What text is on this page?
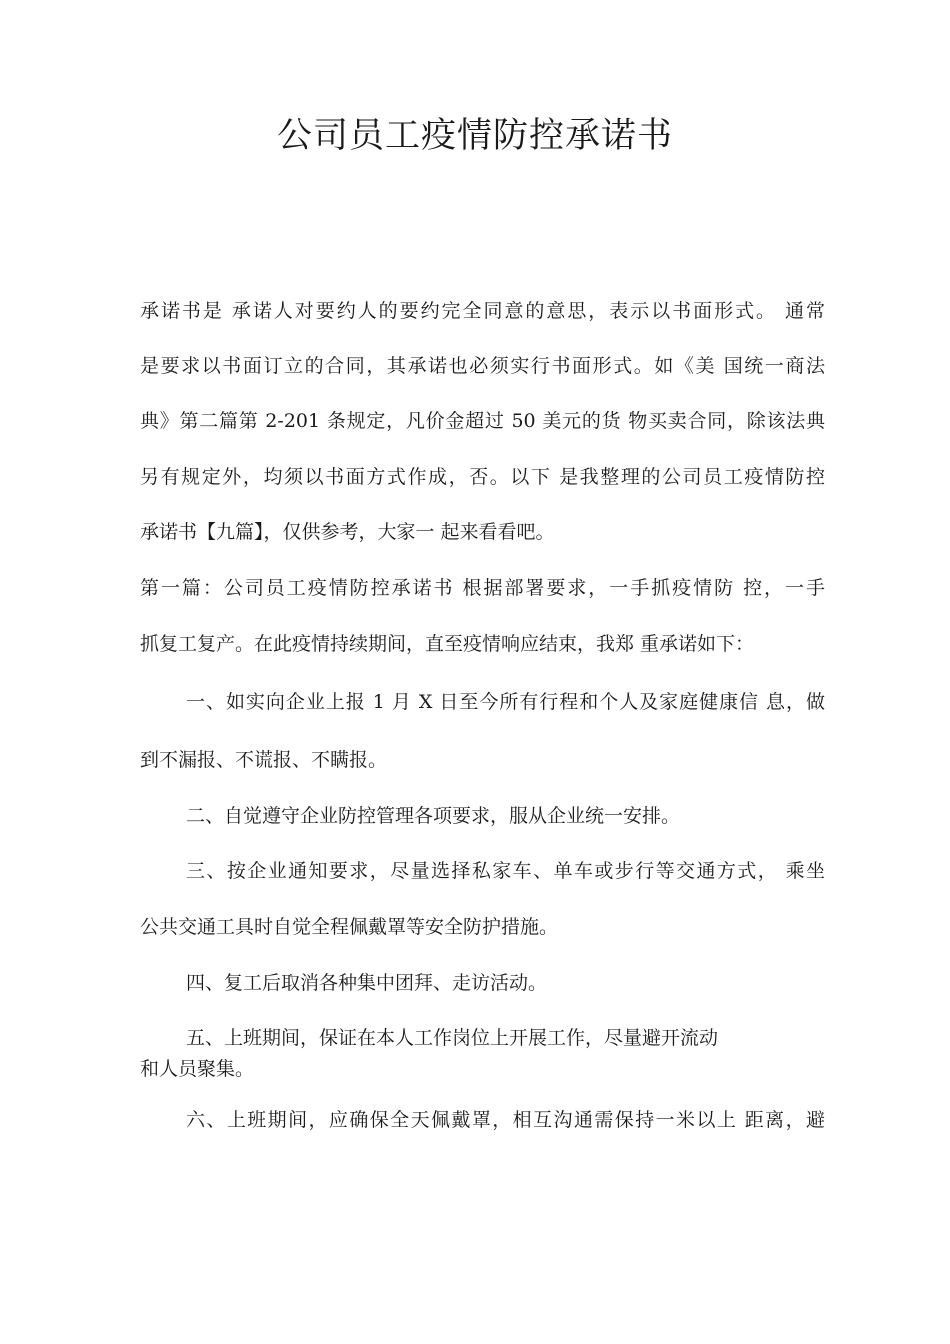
公司员工疫情防控承诺书
承诺书是 承诺人对要约人的要约完全同意的意思，表示以书面形式。 通常
是要求以书面订立的合同，其承诺也必须实行书面形式。如《美 国统一商法
典》第二篇第 2-201 条规定，凡价金超过 50 美元的货 物买卖合同，除该法典
另有规定外，均须以书面方式作成，否。以下 是我整理的公司员工疫情防控
承诺书【九篇】，仅供参考，大家一 起来看看吧。
第一篇：公司员工疫情防控承诺书 根据部署要求，一手抓疫情防 控，一手
抓复工复产。在此疫情持续期间，直至疫情响应结束，我郑 重承诺如下：
一、如实向企业上报 1 月 X 日至今所有行程和个人及家庭健康信 息，做
到不漏报、不谎报、不瞒报。
二、自觉遵守企业防控管理各项要求，服从企业统一安排。
三、按企业通知要求，尽量选择私家车、单车或步行等交通方式， 乘坐
公共交通工具时自觉全程佩戴罩等安全防护措施。
四、复工后取消各种集中团拜、走访活动。
五、上班期间，保证在本人工作岗位上开展工作，尽量避开流动
和人员聚集。
六、上班期间，应确保全天佩戴罩，相互沟通需保持一米以上 距离，避
